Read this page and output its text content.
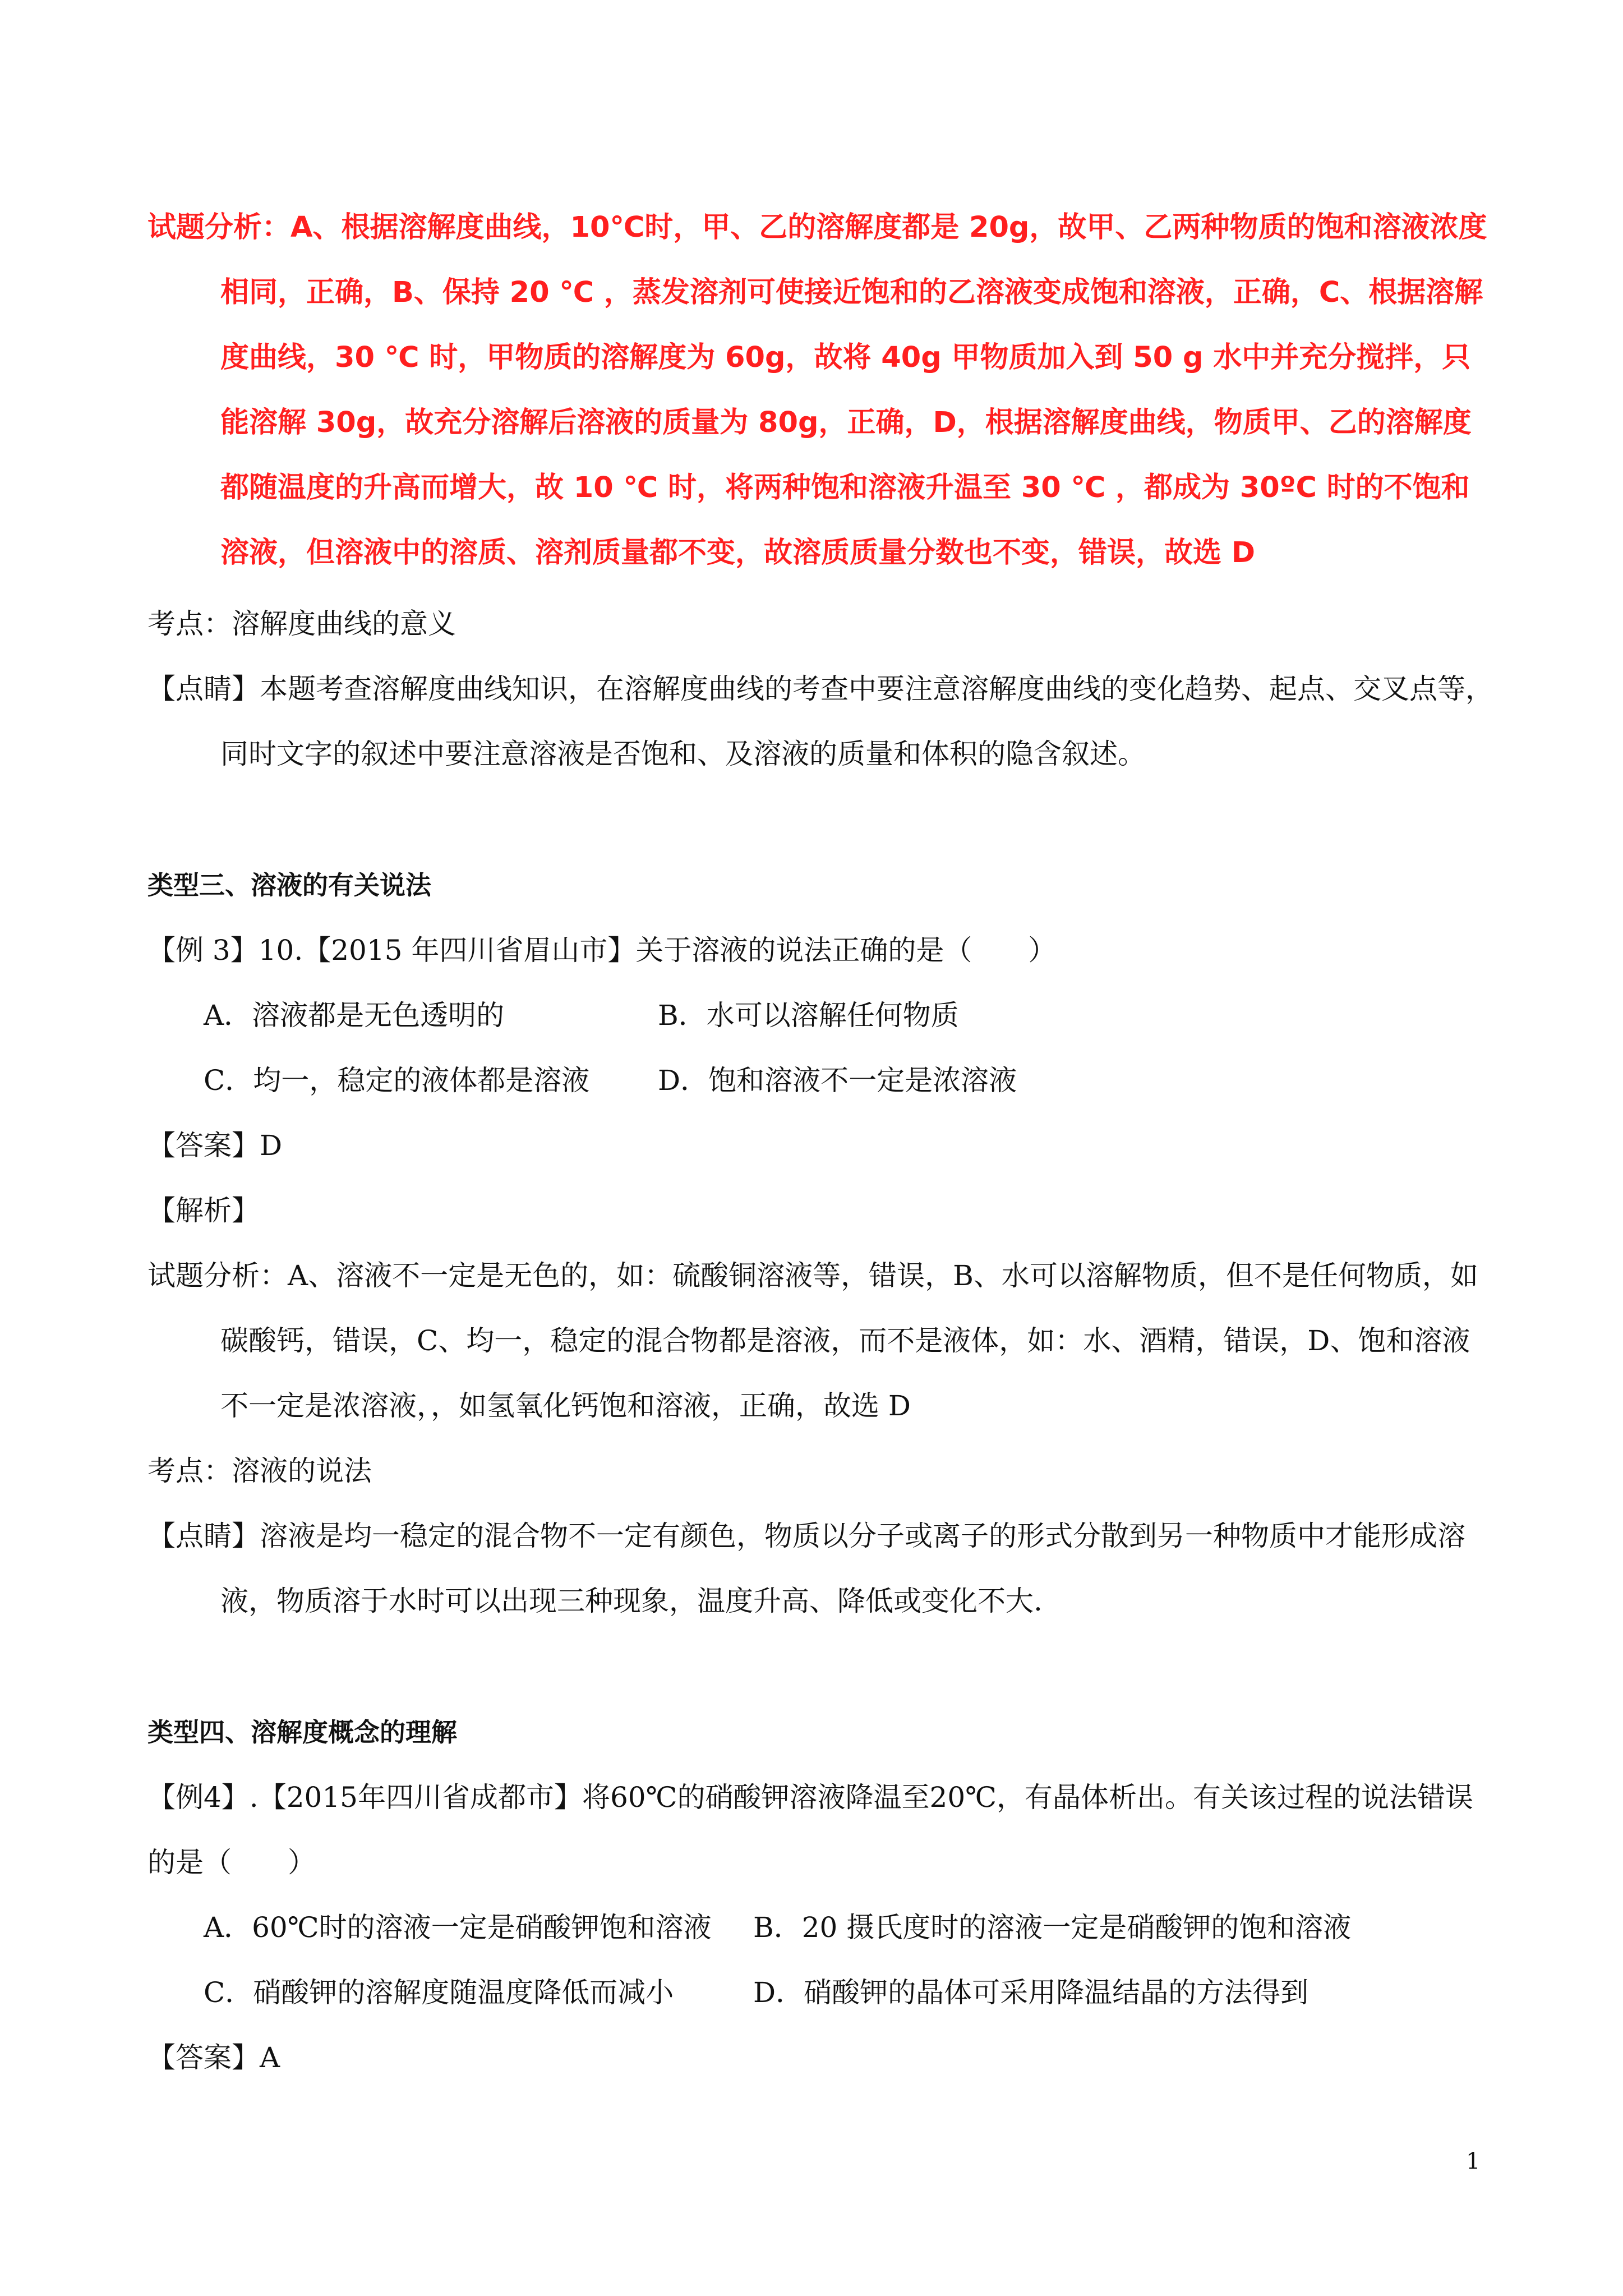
试题分析：A、根据溶解度曲线，10℃时，甲、乙的溶解度都是 20g，故甲、乙两种物质的饱和溶液浓度相同，正确，B、保持 20 ℃ ，蒸发溶剂可使接近饱和的乙溶液变成饱和溶液，正确，C、根据溶解度曲线，30 ℃ 时，甲物质的溶解度为 60g，故将 40g 甲物质加入到 50 g 水中并充分搅拌，只能溶解 30g，故充分溶解后溶液的质量为 80g，正确，D，根据溶解度曲线，物质甲、乙的溶解度都随温度的升高而增大，故 10 ℃ 时，将两种饱和溶液升温至 30 ℃ ，都成为 30ºC 时的不饱和溶液，但溶液中的溶质、溶剂质量都不变，故溶质质量分数也不变，错误，故选 D

考点：溶解度曲线的意义

【点睛】本题考查溶解度曲线知识，在溶解度曲线的考查中要注意溶解度曲线的变化趋势、起点、交叉点等，同时文字的叙述中要注意溶液是否饱和、及溶液的质量和体积的隐含叙述。

类型三、溶液的有关说法

【例 3】10.【2015 年四川省眉山市】关于溶液的说法正确的是（　　）

A．溶液都是无色透明的	B．水可以溶解任何物质
C．均一，稳定的液体都是溶液	D．饱和溶液不一定是浓溶液

【答案】D

【解析】

试题分析：A、溶液不一定是无色的，如：硫酸铜溶液等，错误，B、水可以溶解物质，但不是任何物质，如碳酸钙，错误，C、均一，稳定的混合物都是溶液，而不是液体，如：水、酒精，错误，D、饱和溶液不一定是浓溶液，，如氢氧化钙饱和溶液，正确，故选 D

考点：溶液的说法

【点睛】溶液是均一稳定的混合物不一定有颜色，物质以分子或离子的形式分散到另一种物质中才能形成溶液，物质溶于水时可以出现三种现象，温度升高、降低或变化不大.

类型四、溶解度概念的理解

【例4】.【2015年四川省成都市】将60℃的硝酸钾溶液降温至20℃，有晶体析出。有关该过程的说法错误的是（　　）

A．60℃时的溶液一定是硝酸钾饱和溶液	B．20 摄氏度时的溶液一定是硝酸钾的饱和溶液
C．硝酸钾的溶解度随温度降低而减小	D．硝酸钾的晶体可采用降温结晶的方法得到

【答案】A

1
